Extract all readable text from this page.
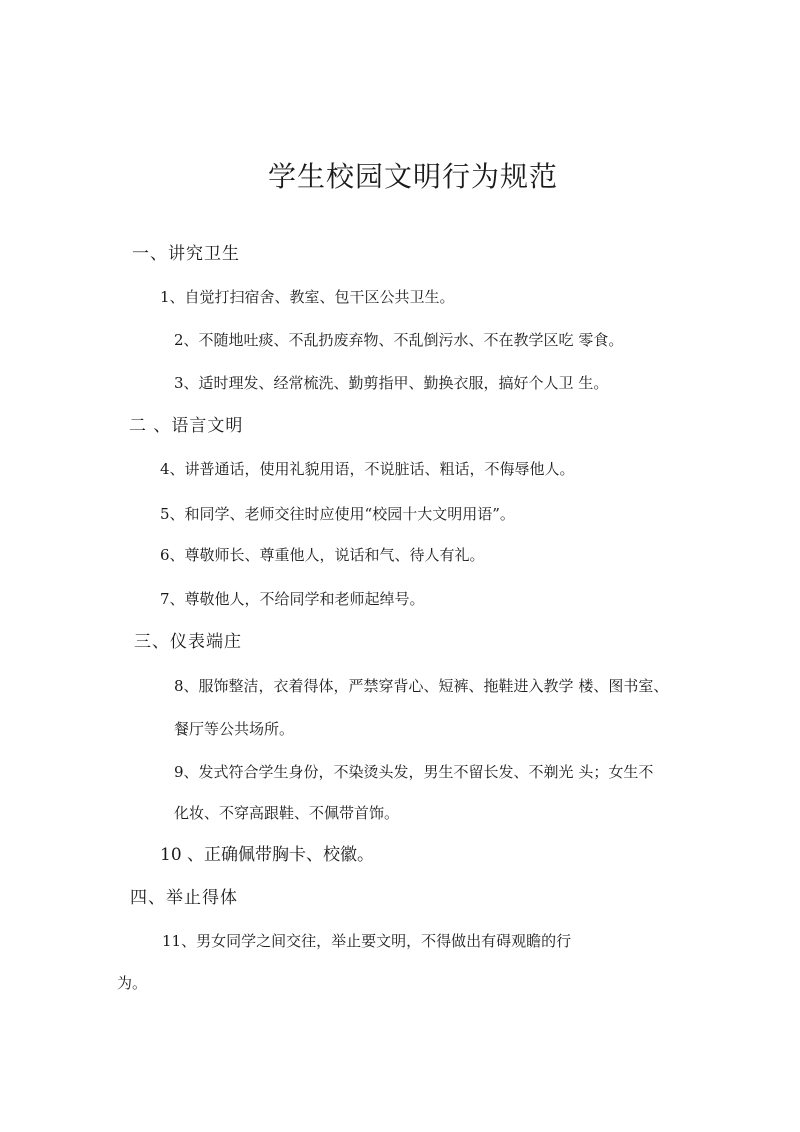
学生校园文明行为规范
一、讲究卫生
1、自觉打扫宿舍、教室、包干区公共卫生。
2、不随地吐痰、不乱扔废弃物、不乱倒污水、不在教学区吃 零食。
3、适时理发、经常梳洗、勤剪指甲、勤换衣服，搞好个人卫 生。
二 、语言文明
4、讲普通话，使用礼貌用语，不说脏话、粗话，不侮辱他人。
5、和同学、老师交往时应使用“校园十大文明用语”。
6、尊敬师长、尊重他人，说话和气、待人有礼。
7、尊敬他人，不给同学和老师起绰号。
三、仪表端庄
8、服饰整洁，衣着得体，严禁穿背心、短裤、拖鞋进入教学 楼、图书室、
餐厅等公共场所。
9、发式符合学生身份，不染烫头发，男生不留长发、不剃光 头；女生不
化妆、不穿高跟鞋、不佩带首饰。
10 、正确佩带胸卡、校徽。
四、举止得体
11、男女同学之间交往，举止要文明，不得做出有碍观瞻的行
为。
